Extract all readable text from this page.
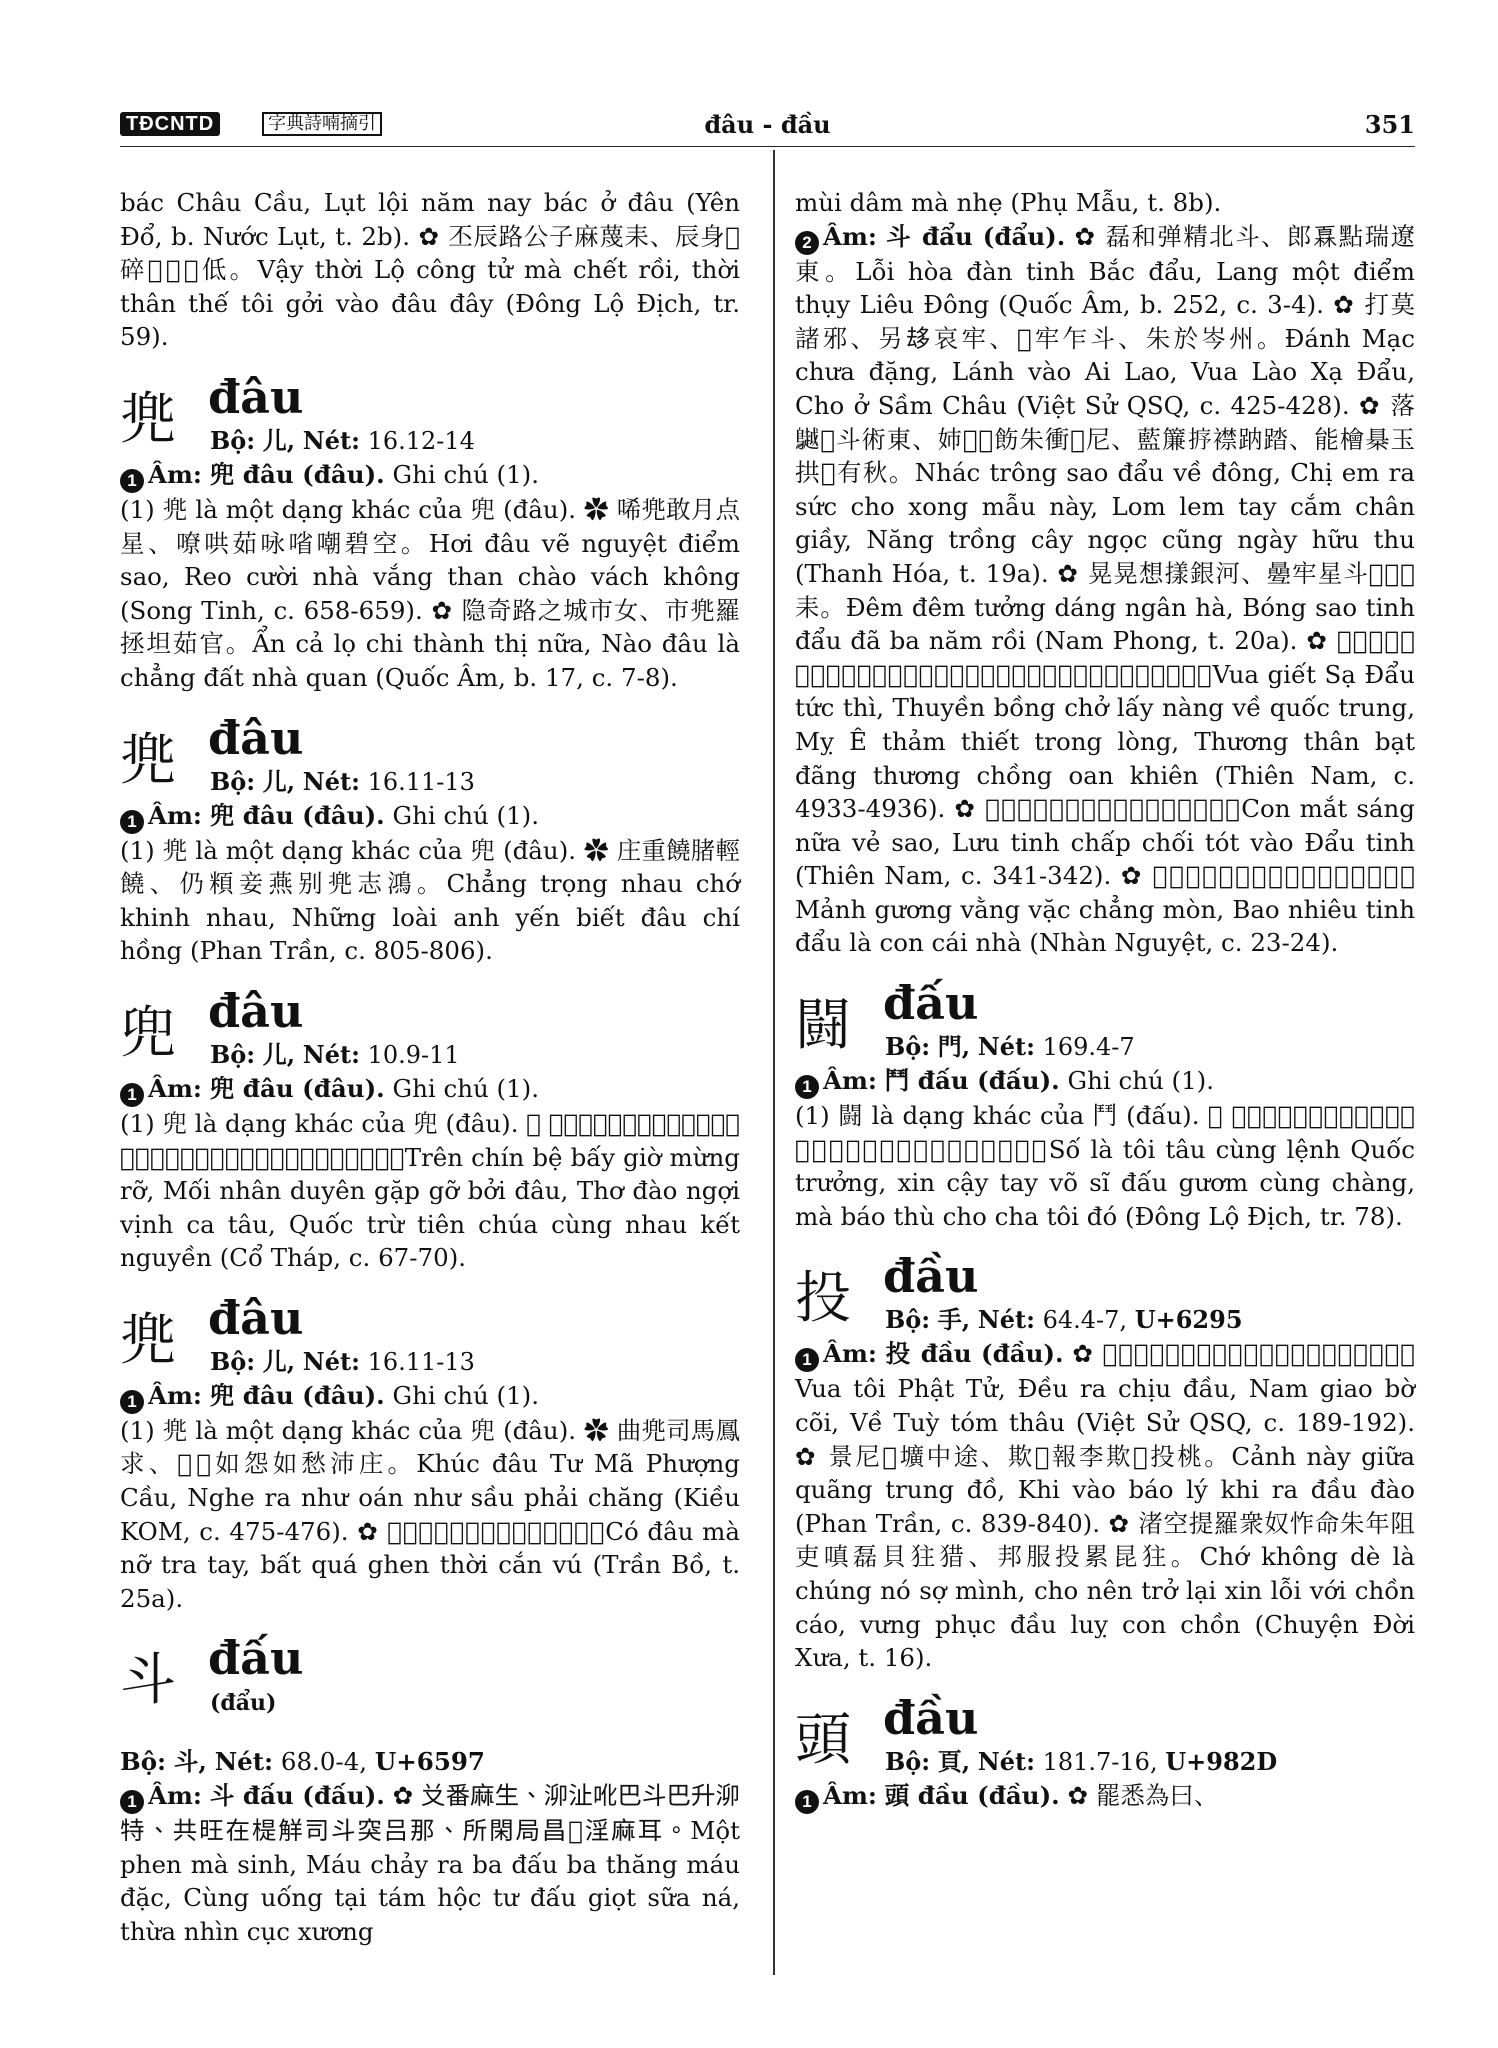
TĐCNTD	字典詩喃摘引	đâu - đầu	351

bác Châu Cầu, Lụt lội năm nay bác ở đâu (Yên Đổ, b. Nước Lụt, t. 2b). ✿ 丕辰路公子麻蔑耒、辰身𧶮碎𠽖𩚵𫢩低。Vậy thời Lộ công tử mà chết rồi, thời thân thế tôi gởi vào đâu đây (Đông Lộ Địch, tr. 59).

兠 đâu
Bộ: 儿, Nét: 16.12-14

1 Âm: 兜 đâu (đâu). Ghi chú (1).

(1) 兠 là một dạng khác của 兜 (đâu). ✿ 唏兠敢月点星、嘹哄茹咏㗂嘲碧空。Hơi đâu vẽ nguyệt điểm sao, Reo cười nhà vắng than chào vách không (Song Tinh, c. 658-659). ✿ 隐奇路之城市女、市兠羅拯坦茹官。Ẩn cả lọ chi thành thị nữa, Nào đâu là chẳng đất nhà quan (Quốc Âm, b. 17, c. 7-8).

兠 đâu
Bộ: 儿, Nét: 16.11-13

1 Âm: 兜 đâu (đâu). Ghi chú (1).

(1) 兠 là một dạng khác của 兜 (đâu). ✿ 庄重饒䐗輕饒、仍頪妾燕别兠志鴻。Chẳng trọng nhau chớ khinh nhau, Những loài anh yến biết đâu chí hồng (Phan Trần, c. 805-806).

兜 đâu
Bộ: 儿, Nét: 10.9-11

1 Âm: 兜 đâu (đâu). Ghi chú (1).

(1) 兜 là dạng khác của 兜 (đâu). ✿ 𨖲𠃩陛閉除𢣂呂、緣姻緣及择䵺兜、詩桃䛊咏歌奏、國儲仙主共饒结願。Trên chín bệ bấy giờ mừng rỡ, Mối nhân duyên gặp gỡ bởi đâu, Thơ đào ngợi vịnh ca tâu, Quốc trừ tiên chúa cùng nhau kết nguyền (Cổ Tháp, c. 67-70).

兠 đâu
Bộ: 儿, Nét: 16.11-13

1 Âm: 兜 đâu (đâu). Ghi chú (1).

(1) 兠 là một dạng khác của 兜 (đâu). ✿ 曲兠司馬鳳求、𦖑𠱊如怨如愁沛庄。Khúc đâu Tư Mã Phượng Cầu, Nghe ra như oán như sầu phải chăng (Kiều KOM, c. 475-476). ✿ 𢧚兠𢫝妾查𢭸、不過慳時哏䏧。Có đâu mà nỡ tra tay, bất quá ghen thời cắn vú (Trần Bồ, t. 25a).

斗 đấu
(đẩu)

Bộ: 斗, Nét: 68.0-4, U+6597

1 Âm: 斗 đấu (đấu). ✿ 𠬠番麻生、泖沚吪巴斗巴升泖特、共旺在㮛觧司斗突吕那、所閑局昌𦝄淫麻耳。Một phen mà sinh, Máu chảy ra ba đấu ba thăng máu đặc, Cùng uống tại tám hộc tư đấu giọt sữa ná, thừa nhìn cục xương

mùi dâm mà nhẹ (Phụ Mẫu, t. 8b).

2 Âm: 斗 đẩu (đẩu). ✿ 磊和弹精北斗、郎𤾓點瑞遼東。Lỗi hòa đàn tinh Bắc đẩu, Lang một điểm thụy Liêu Đông (Quốc Âm, b. 252, c. 3-4). ✿ 打莫諸邪、另𠫾哀牢、𤤰牢乍斗、朱於岑州。Đánh Mạc chưa đặng, Lánh vào Ai Lao, Vua Lào Xạ Đẩu, Cho ở Sầm Châu (Việt Sử QSQ, c. 425-428). ✿ 落𪆧𨀼斗術東、姉𡛔𠱊飭朱衝𧥇尼、藍簾𢭸襟䟜踏、能檜㮂玉拱𣋚有秋。Nhác trông sao đẩu về đông, Chị em ra sức cho xong mẫu này, Lom lem tay cắm chân giầy, Năng trồng cây ngọc cũng ngày hữu thu (Thanh Hóa, t. 19a). ✿ 晃晃想㨾銀河、㬪牢星斗𠤆𠤆𣳔耒。Đêm đêm tưởng dáng ngân hà, Bóng sao tinh đẩu đã ba năm rồi (Nam Phong, t. 20a). ✿ 𤤰折乍斗即時、船逢𨁪𫅷娘術國中、媚𥈺慘切工悉、傷身拔蕩傷𫅷冤愆。Vua giết Sạ Đẩu tức thì, Thuyền bồng chở lấy nàng về quốc trung, Mỵ Ê thảm thiết trong lòng, Thương thân bạt đãng thương chồng oan khiên (Thiên Nam, c. 4933-4936). ✿ 𥉩相𣈙女𥌀𨀼、流星𤈜㨋𨁪𩚵斗星。Con mắt sáng nữa vẻ sao, Lưu tinh chấp chối tót vào Đẩu tinh (Thiên Nam, c. 341-342). ✿ 𤋶𢹇𤈛域庄𤵺、包饒星斗羅昆丐茹。Mảnh gương vằng vặc chẳng mòn, Bao nhiêu tinh đẩu là con cái nhà (Nhàn Nguyệt, c. 23-24).

闘 đấu
Bộ: 門, Nét: 169.4-7

1 Âm: 鬥 đấu (đấu). Ghi chú (1).

(1) 闘 là dạng khác của 鬥 (đấu). ✿ 𢿍𢘾碎奏𢄂令國長、嗔𠲖𢭸武士闘鎌𢄂払、麻报雪朱吒碎妬。Số là tôi tâu cùng lệnh Quốc trưởng, xin cậy tay võ sĩ đấu gươm cùng chàng, mà báo thù cho cha tôi đó (Đông Lộ Địch, tr. 78).

投 đầu
Bộ: 手, Nét: 64.4-7, U+6295

1 Âm: 投 đầu (đầu). ✿ 𤤰碎佛子、調𤀏𢹇投、南交坡𡓇、衛隋撥收。Vua tôi Phật Tử, Đều ra chịu đầu, Nam giao bờ cõi, Về Tuỳ tóm thâu (Việt Sử QSQ, c. 189-192). ✿ 景尼𢩣壙中途、欺𠫾報李欺𠱊投桃。Cảnh này giữa quãng trung đồ, Khi vào báo lý khi ra đầu đào (Phan Trần, c. 839-840). ✿ 渚空提羅衆奴怍命朱年阻吏嗔磊貝㹥猎、邦服投累昆㹥。Chớ không dè là chúng nó sợ mình, cho nên trở lại xin lỗi với chồn cáo, vưng phục đầu luỵ con chồn (Chuyện Đời Xưa, t. 16).

頭 đầu
Bộ: 頁, Nét: 181.7-16, U+982D

1 Âm: 頭 đầu (đầu). ✿ 罷悉為曰、
